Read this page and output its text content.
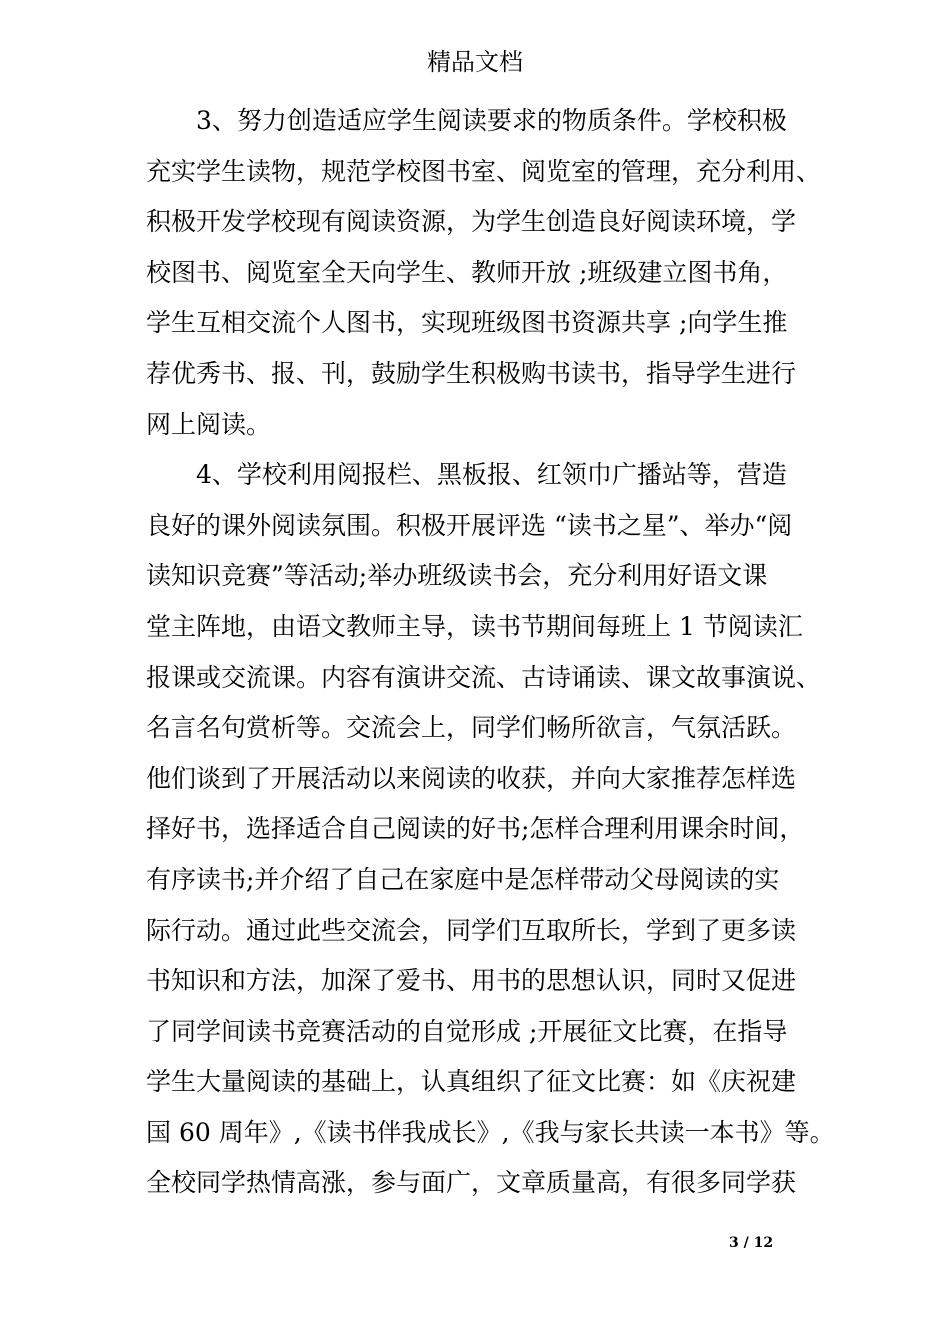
精品文档
3、努力创造适应学生阅读要求的物质条件。学校积极
充实学生读物，规范学校图书室、阅览室的管理，充分利用、
积极开发学校现有阅读资源，为学生创造良好阅读环境，学
校图书、阅览室全天向学生、教师开放 ;班级建立图书角，
学生互相交流个人图书，实现班级图书资源共享 ;向学生推
荐优秀书、报、刊，鼓励学生积极购书读书，指导学生进行
网上阅读。
4、学校利用阅报栏、黑板报、红领巾广播站等，营造
良好的课外阅读氛围。积极开展评选 “读书之星”、举办“阅
读知识竞赛”等活动;举办班级读书会，充分利用好语文课
堂主阵地，由语文教师主导，读书节期间每班上 1 节阅读汇
报课或交流课。内容有演讲交流、古诗诵读、课文故事演说、
名言名句赏析等。交流会上，同学们畅所欲言，气氛活跃。
他们谈到了开展活动以来阅读的收获，并向大家推荐怎样选
择好书，选择适合自己阅读的好书;怎样合理利用课余时间，
有序读书;并介绍了自己在家庭中是怎样带动父母阅读的实
际行动。通过此些交流会，同学们互取所长，学到了更多读
书知识和方法，加深了爱书、用书的思想认识，同时又促进
了同学间读书竞赛活动的自觉形成 ;开展征文比赛，在指导
学生大量阅读的基础上，认真组织了征文比赛：如《庆祝建
国 60 周年》,《读书伴我成长》,《我与家长共读一本书》等。
全校同学热情高涨，参与面广，文章质量高，有很多同学获
3 / 12
